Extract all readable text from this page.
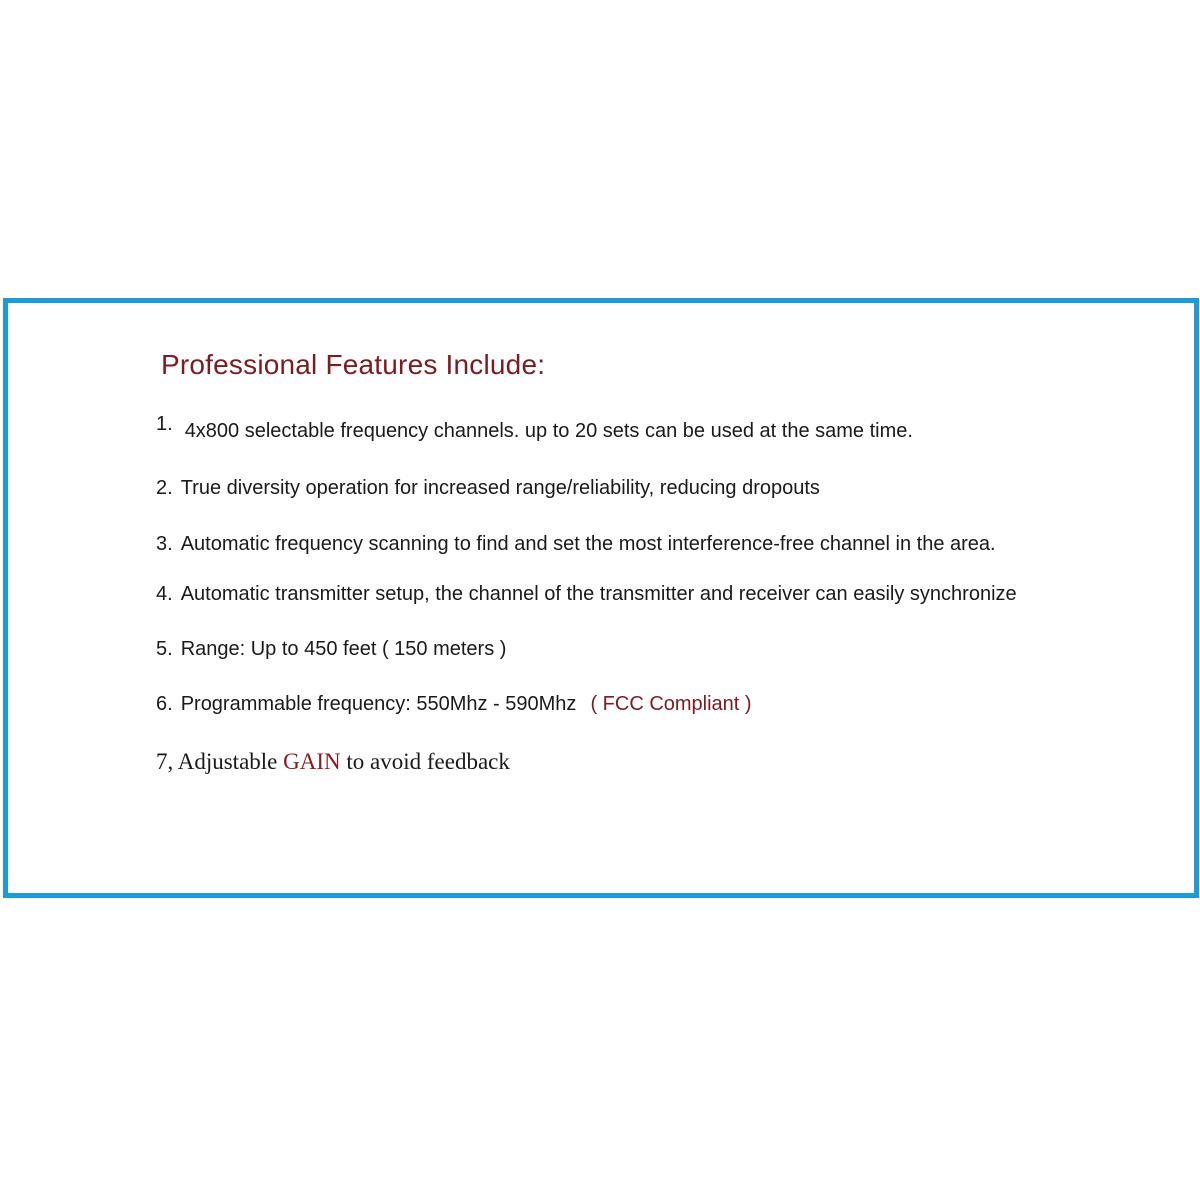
Professional Features Include:
1. 4x800 selectable frequency channels. up to 20 sets can be used at the same time.
2. True diversity operation for increased range/reliability, reducing dropouts
3. Automatic frequency scanning to find and set the most interference-free channel in the area.
4. Automatic transmitter setup, the channel of the transmitter and receiver can easily synchronize
5. Range: Up to 450 feet ( 150 meters )
6. Programmable frequency: 550Mhz - 590Mhz ( FCC Compliant )
7, Adjustable GAIN to avoid feedback
